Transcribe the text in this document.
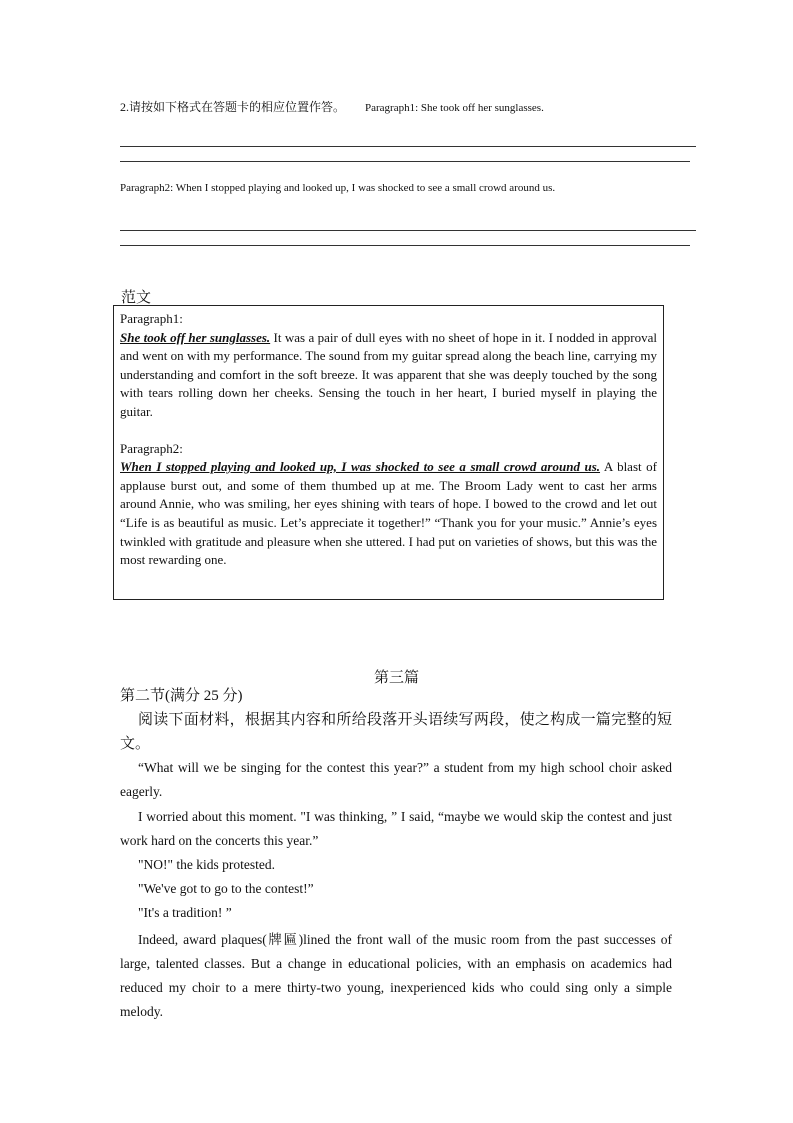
2.请按如下格式在答题卡的相应位置作答。 Paragraph1: She took off her sunglasses.
Paragraph2: When I stopped playing and looked up, I was shocked to see a small crowd around us.
范文

Paragraph1:

She took off her sunglasses. It was a pair of dull eyes with no sheet of hope in it. I nodded in approval and went on with my performance. The sound from my guitar spread along the beach line, carrying my understanding and comfort in the soft breeze. It was apparent that she was deeply touched by the song with tears rolling down her cheeks. Sensing the touch in her heart, I buried myself in playing the guitar.

Paragraph2:

When I stopped playing and looked up, I was shocked to see a small crowd around us. A blast of applause burst out, and some of them thumbed up at me. The Broom Lady went to cast her arms around Annie, who was smiling, her eyes shining with tears of hope. I bowed to the crowd and let out “Life is as beautiful as music. Let’s appreciate it together!” “Thank you for your music.” Annie’s eyes twinkled with gratitude and pleasure when she uttered. I had put on varieties of shows, but this was the most rewarding one.

第三篇

第二节(满分 25 分)

阅读下面材料，根据其内容和所给段落开头语续写两段，使之构成一篇完整的短文。

“What will we be singing for the contest this year?” a student from my high school choir asked eagerly.

I worried about this moment. "I was thinking, ” I said, “maybe we would skip the contest and just work hard on the concerts this year.”

"NO!" the kids protested.

"We've got to go to the contest!”

"It's a tradition! ”

Indeed, award plaques(牌匾)lined the front wall of the music room from the past successes of large, talented classes. But a change in educational policies, with an emphasis on academics had reduced my choir to a mere thirty-two young, inexperienced kids who could sing only a simple melody.
